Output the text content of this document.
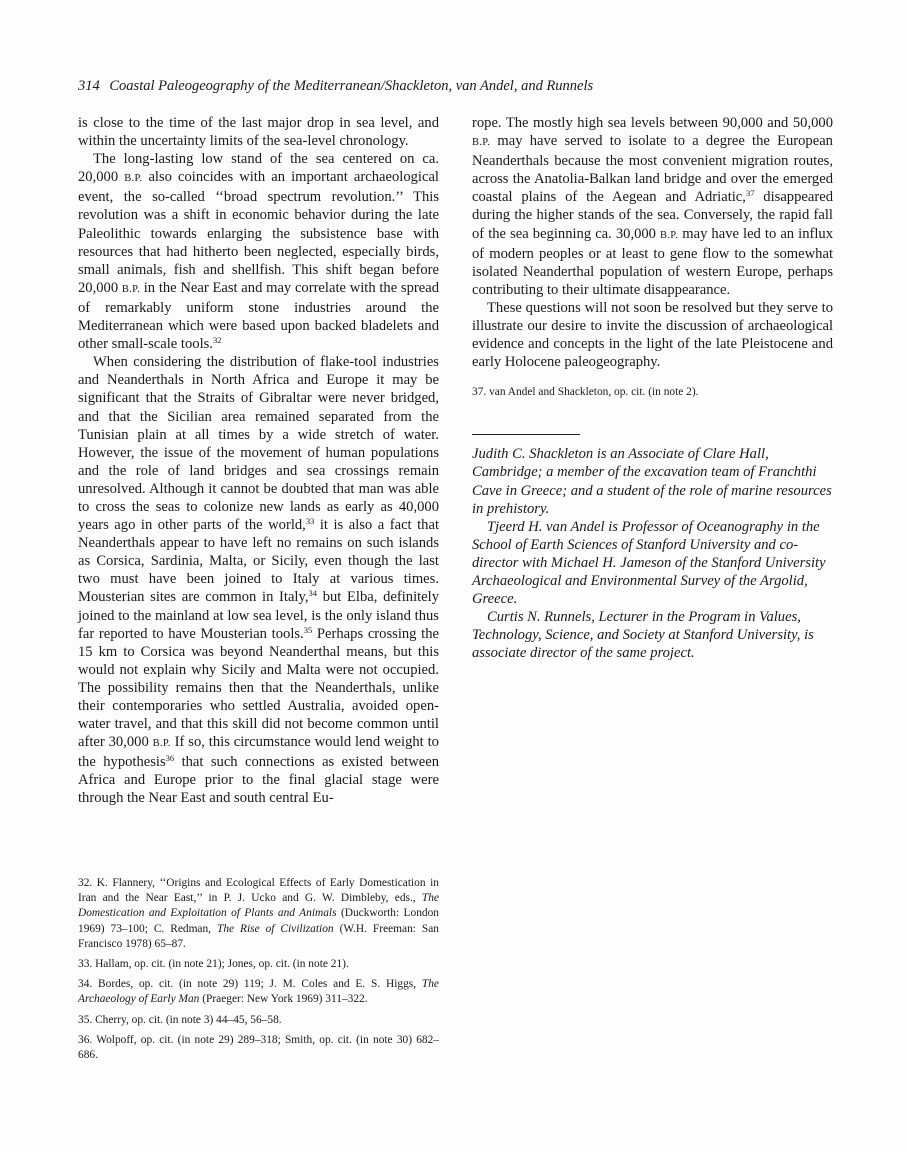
314 Coastal Paleogeography of the Mediterranean/Shackleton, van Andel, and Runnels

is close to the time of the last major drop in sea level, and within the uncertainty limits of the sea-level chronology.

The long-lasting low stand of the sea centered on ca. 20,000 B.P. also coincides with an important archaeological event, the so-called ‘‘broad spectrum revolution.’’ This revolution was a shift in economic behavior during the late Paleolithic towards enlarging the subsistence base with resources that had hitherto been neglected, especially birds, small animals, fish and shellfish. This shift began before 20,000 B.P. in the Near East and may correlate with the spread of remarkably uniform stone industries around the Mediterranean which were based upon backed bladelets and other small-scale tools.$^{32}$

When considering the distribution of flake-tool industries and Neanderthals in North Africa and Europe it may be significant that the Straits of Gibraltar were never bridged, and that the Sicilian area remained separated from the Tunisian plain at all times by a wide stretch of water. However, the issue of the movement of human populations and the role of land bridges and sea crossings remain unresolved. Although it cannot be doubted that man was able to cross the seas to colonize new lands as early as 40,000 years ago in other parts of the world,$^{33}$ it is also a fact that Neanderthals appear to have left no remains on such islands as Corsica, Sardinia, Malta, or Sicily, even though the last two must have been joined to Italy at various times. Mousterian sites are common in Italy,$^{34}$ but Elba, definitely joined to the mainland at low sea level, is the only island thus far reported to have Mousterian tools.$^{35}$ Perhaps crossing the 15 km to Corsica was beyond Neanderthal means, but this would not explain why Sicily and Malta were not occupied. The possibility remains then that the Neanderthals, unlike their contemporaries who settled Australia, avoided open-water travel, and that this skill did not become common until after 30,000 B.P. If so, this circumstance would lend weight to the hypothesis$^{36}$ that such connections as existed between Africa and Europe prior to the final glacial stage were through the Near East and south central Eu-

32. K. Flannery, ‘‘Origins and Ecological Effects of Early Domestication in Iran and the Near East,’’ in P. J. Ucko and G. W. Dimbleby, eds., The Domestication and Exploitation of Plants and Animals (Duckworth: London 1969) 73–100; C. Redman, The Rise of Civilization (W.H. Freeman: San Francisco 1978) 65–87.

33. Hallam, op. cit. (in note 21); Jones, op. cit. (in note 21).

34. Bordes, op. cit. (in note 29) 119; J. M. Coles and E. S. Higgs, The Archaeology of Early Man (Praeger: New York 1969) 311–322.

35. Cherry, op. cit. (in note 3) 44–45, 56–58.

36. Wolpoff, op. cit. (in note 29) 289–318; Smith, op. cit. (in note 30) 682–686.

rope. The mostly high sea levels between 90,000 and 50,000 B.P. may have served to isolate to a degree the European Neanderthals because the most convenient migration routes, across the Anatolia-Balkan land bridge and over the emerged coastal plains of the Aegean and Adriatic,$^{37}$ disappeared during the higher stands of the sea. Conversely, the rapid fall of the sea beginning ca. 30,000 B.P. may have led to an influx of modern peoples or at least to gene flow to the somewhat isolated Neanderthal population of western Europe, perhaps contributing to their ultimate disappearance.

These questions will not soon be resolved but they serve to illustrate our desire to invite the discussion of archaeological evidence and concepts in the light of the late Pleistocene and early Holocene paleogeography.

37. van Andel and Shackleton, op. cit. (in note 2).

Judith C. Shackleton is an Associate of Clare Hall, Cambridge; a member of the excavation team of Franchthi Cave in Greece; and a student of the role of marine resources in prehistory.

Tjeerd H. van Andel is Professor of Oceanography in the School of Earth Sciences of Stanford University and co-director with Michael H. Jameson of the Stanford University Archaeological and Environmental Survey of the Argolid, Greece.

Curtis N. Runnels, Lecturer in the Program in Values, Technology, Science, and Society at Stanford University, is associate director of the same project.
